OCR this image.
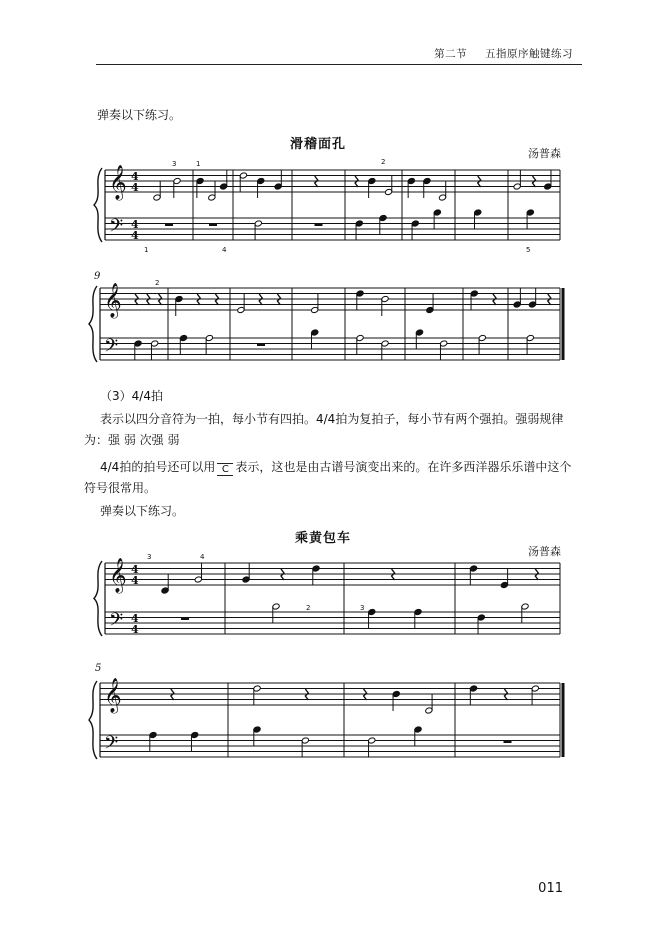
第二节 五指原序触键练习
弹奏以下练习。
滑稽面孔
汤普森
（3）4/4拍
表示以四分音符为一拍，每小节有四拍。4/4拍为复拍子，每小节有两个强拍。强弱规律
为：强 弱 次强 弱
4/4拍的拍号还可以用 C 表示，这也是由古谱号演变出来的。在许多西洋器乐乐谱中这个
符号很常用。
弹奏以下练习。
乘黄包车
汤普森
011
𝄞
𝄢
4
4
4
4
𝄞
𝄢
𝄞
𝄢
4
4
4
4
𝄞
𝄢
3	1	2
1	4
2
3	4
2	3
5
9
5
